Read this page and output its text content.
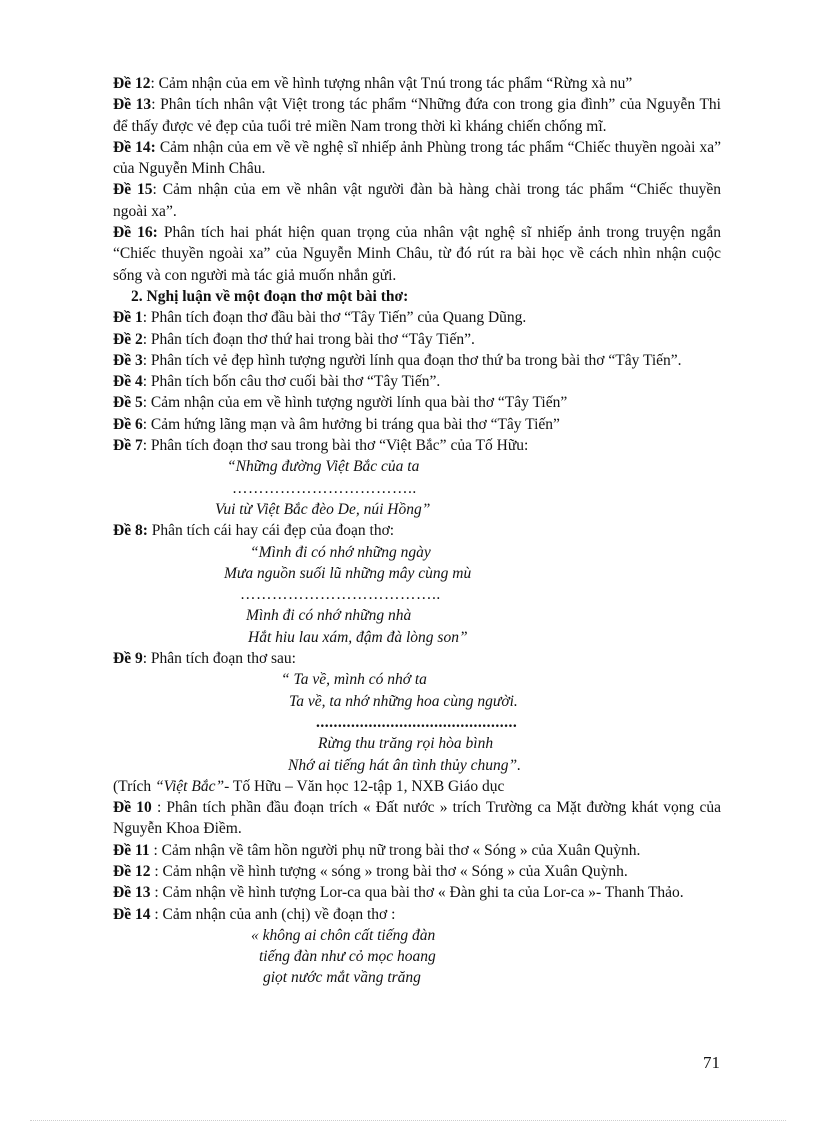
Đề 12: Cảm nhận của em về hình tượng nhân vật Tnú trong tác phẩm “Rừng xà nu”

Đề 13: Phân tích nhân vật Việt trong tác phẩm “Những đứa con trong gia đình” của Nguyễn Thi để thấy được vẻ đẹp của tuổi trẻ miền Nam trong thời kì kháng chiến chống mĩ.

Đề 14: Cảm nhận của em về về nghệ sĩ nhiếp ảnh Phùng trong tác phẩm “Chiếc thuyền ngoài xa” của Nguyễn Minh Châu.

Đề 15: Cảm nhận của em về nhân vật người đàn bà hàng chài trong tác phẩm “Chiếc thuyền ngoài xa”.

Đề 16: Phân tích hai phát hiện quan trọng của nhân vật nghệ sĩ nhiếp ảnh trong truyện ngắn “Chiếc thuyền ngoài xa” của Nguyễn Minh Châu, từ đó rút ra bài học về cách nhìn nhận cuộc sống và con người mà tác giả muốn nhắn gửi.

2. Nghị luận về một đoạn thơ một bài thơ:

Đề 1: Phân tích đoạn thơ đầu bài thơ “Tây Tiến” của Quang Dũng.

Đề 2: Phân tích đoạn thơ thứ hai trong bài thơ “Tây Tiến”.

Đề 3: Phân tích vẻ đẹp hình tượng người lính qua đoạn thơ thứ ba trong bài thơ “Tây Tiến”.

Đề 4: Phân tích bốn câu thơ cuối bài thơ “Tây Tiến”.

Đề 5: Cảm nhận của em về hình tượng người lính qua bài thơ “Tây Tiến”

Đề 6: Cảm hứng lãng mạn và âm hưởng bi tráng qua bài thơ “Tây Tiến”

Đề 7: Phân tích đoạn thơ sau trong bài thơ “Việt Bắc” của Tố Hữu:

“Những đường Việt Bắc của ta

……………………………..

Vui từ Việt Bắc đèo De, núi Hồng”

Đề 8: Phân tích cái hay cái đẹp của đoạn thơ:

“Mình đi có nhớ những ngày

Mưa nguồn suối lũ những mây cùng mù

………………………………..

Mình đi có nhớ những nhà

Hắt hiu lau xám, đậm đà lòng son”

Đề 9: Phân tích đoạn thơ sau:

“ Ta về, mình có nhớ ta

Ta về, ta nhớ những hoa cùng người.

..............................................

Rừng thu trăng rọi hòa bình

Nhớ ai tiếng hát ân tình thủy chung”.

(Trích “Việt Bắc”- Tố Hữu – Văn học 12-tập 1, NXB Giáo dục

Đề 10 : Phân tích phần đầu đoạn trích « Đất nước » trích Trường ca Mặt đường khát vọng của Nguyễn Khoa Điềm.

Đề 11 : Cảm nhận về tâm hồn người phụ nữ trong bài thơ « Sóng » của Xuân Quỳnh.

Đề 12 : Cảm nhận về hình tượng « sóng » trong bài thơ « Sóng » của Xuân Quỳnh.

Đề 13 : Cảm nhận về hình tượng Lor-ca qua bài thơ « Đàn ghi ta của Lor-ca »- Thanh Thảo.

Đề 14 : Cảm nhận của anh (chị) về đoạn thơ :

« không ai chôn cất tiếng đàn

tiếng đàn như cỏ mọc hoang

giọt nước mắt vầng trăng

71
